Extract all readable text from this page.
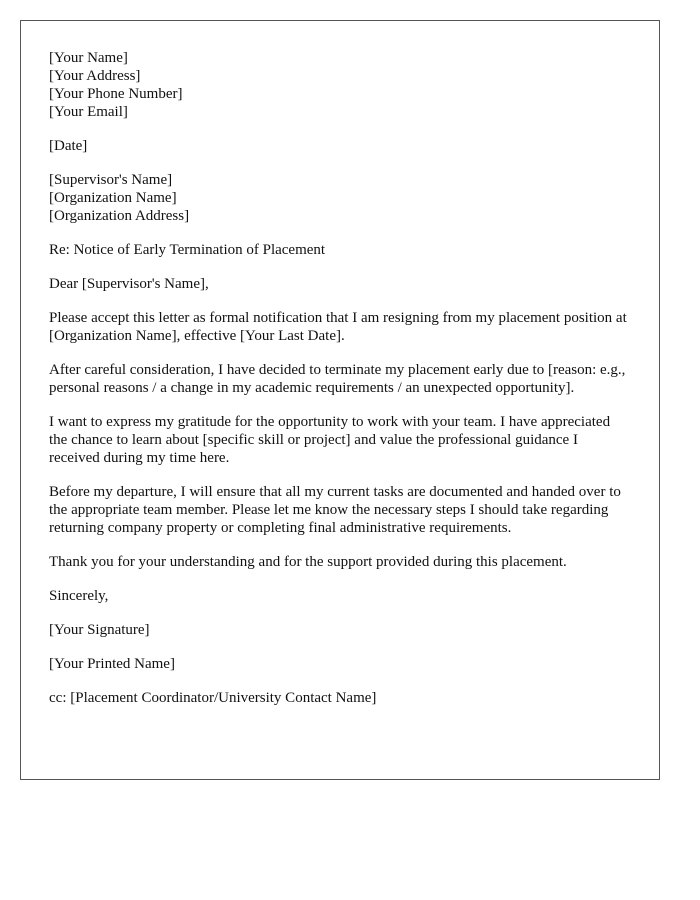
[Your Name]
[Your Address]
[Your Phone Number]
[Your Email]
[Date]
[Supervisor's Name]
[Organization Name]
[Organization Address]

Re: Notice of Early Termination of Placement

Dear [Supervisor's Name],

Please accept this letter as formal notification that I am resigning from my placement position at [Organization Name], effective [Your Last Date].

After careful consideration, I have decided to terminate my placement early due to [reason: e.g., personal reasons / a change in my academic requirements / an unexpected opportunity].

I want to express my gratitude for the opportunity to work with your team. I have appreciated the chance to learn about [specific skill or project] and value the professional guidance I received during my time here.

Before my departure, I will ensure that all my current tasks are documented and handed over to the appropriate team member. Please let me know the necessary steps I should take regarding returning company property or completing final administrative requirements.

Thank you for your understanding and for the support provided during this placement.

Sincerely,

[Your Signature]

[Your Printed Name]

cc: [Placement Coordinator/University Contact Name]
